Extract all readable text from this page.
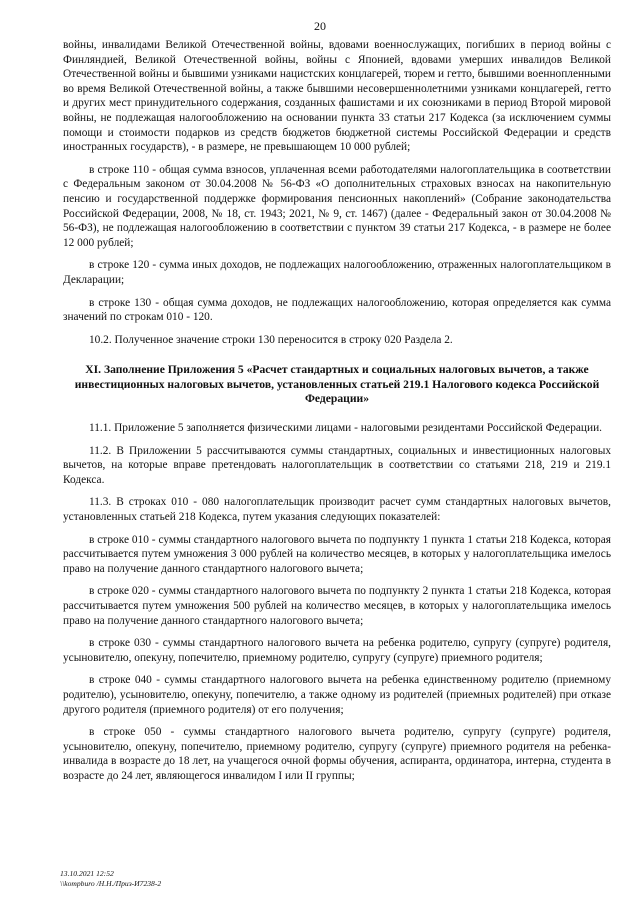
20

войны, инвалидами Великой Отечественной войны, вдовами военнослужащих, погибших в период войны с Финляндией, Великой Отечественной войны, войны с Японией, вдовами умерших инвалидов Великой Отечественной войны и бывшими узниками нацистских концлагерей, тюрем и гетто, бывшими военнопленными во время Великой Отечественной войны, а также бывшими несовершеннолетними узниками концлагерей, гетто и других мест принудительного содержания, созданных фашистами и их союзниками в период Второй мировой войны, не подлежащая налогообложению на основании пункта 33 статьи 217 Кодекса (за исключением суммы помощи и стоимости подарков из средств бюджетов бюджетной системы Российской Федерации и средств иностранных государств), - в размере, не превышающем 10 000 рублей;

в строке 110 - общая сумма взносов, уплаченная всеми работодателями налогоплательщика в соответствии с Федеральным законом от 30.04.2008 № 56-ФЗ «О дополнительных страховых взносах на накопительную пенсию и государственной поддержке формирования пенсионных накоплений» (Собрание законодательства Российской Федерации, 2008, № 18, ст. 1943; 2021, № 9, ст. 1467) (далее - Федеральный закон от 30.04.2008 № 56-ФЗ), не подлежащая налогообложению в соответствии с пунктом 39 статьи 217 Кодекса, - в размере не более 12 000 рублей;

в строке 120 - сумма иных доходов, не подлежащих налогообложению, отраженных налогоплательщиком в Декларации;

в строке 130 - общая сумма доходов, не подлежащих налогообложению, которая определяется как сумма значений по строкам 010 - 120.

10.2. Полученное значение строки 130 переносится в строку 020 Раздела 2.

XI. Заполнение Приложения 5 «Расчет стандартных и социальных налоговых вычетов, а также инвестиционных налоговых вычетов, установленных статьей 219.1 Налогового кодекса Российской Федерации»

11.1. Приложение 5 заполняется физическими лицами - налоговыми резидентами Российской Федерации.

11.2. В Приложении 5 рассчитываются суммы стандартных, социальных и инвестиционных налоговых вычетов, на которые вправе претендовать налогоплательщик в соответствии со статьями 218, 219 и 219.1 Кодекса.

11.3. В строках 010 - 080 налогоплательщик производит расчет сумм стандартных налоговых вычетов, установленных статьей 218 Кодекса, путем указания следующих показателей:

в строке 010 - суммы стандартного налогового вычета по подпункту 1 пункта 1 статьи 218 Кодекса, которая рассчитывается путем умножения 3 000 рублей на количество месяцев, в которых у налогоплательщика имелось право на получение данного стандартного налогового вычета;

в строке 020 - суммы стандартного налогового вычета по подпункту 2 пункта 1 статьи 218 Кодекса, которая рассчитывается путем умножения 500 рублей на количество месяцев, в которых у налогоплательщика имелось право на получение данного стандартного налогового вычета;

в строке 030 - суммы стандартного налогового вычета на ребенка родителю, супругу (супруге) родителя, усыновителю, опекуну, попечителю, приемному родителю, супругу (супруге) приемного родителя;

в строке 040 - суммы стандартного налогового вычета на ребенка единственному родителю (приемному родителю), усыновителю, опекуну, попечителю, а также одному из родителей (приемных родителей) при отказе другого родителя (приемного родителя) от его получения;

в строке 050 - суммы стандартного налогового вычета родителю, супругу (супруге) родителя, усыновителю, опекуну, попечителю, приемному родителю, супругу (супруге) приемного родителя на ребенка-инвалида в возрасте до 18 лет, на учащегося очной формы обучения, аспиранта, ординатора, интерна, студента в возрасте до 24 лет, являющегося инвалидом I или II группы;

13.10.2021 12:52
\\kompburo /Н.Н./Приз-И7238-2
